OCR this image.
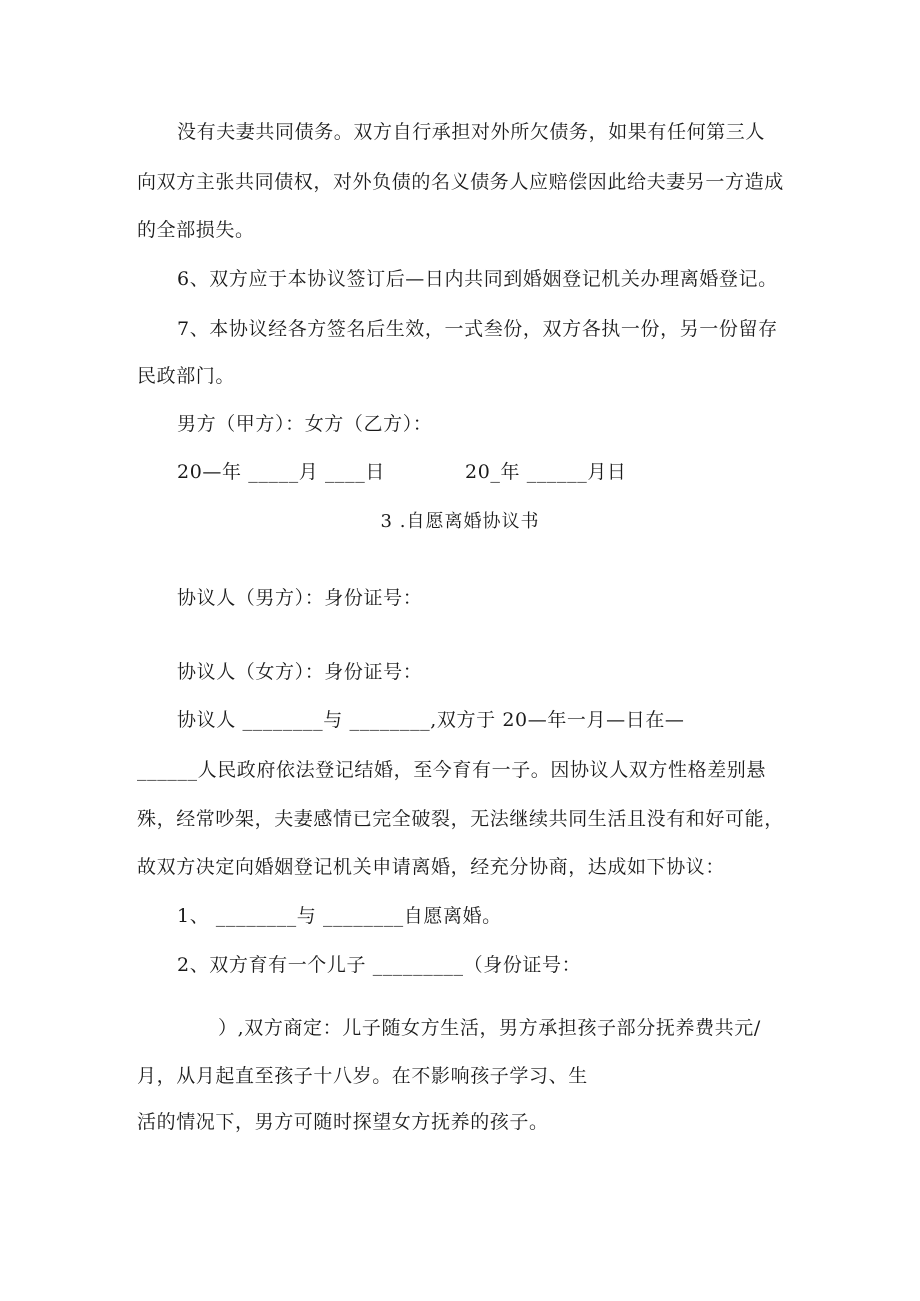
没有夫妻共同债务。双方自行承担对外所欠债务，如果有任何第三人
向双方主张共同债权，对外负债的名义债务人应赔偿因此给夫妻另一方造成
的全部损失。
6、双方应于本协议签订后—日内共同到婚姻登记机关办理离婚登记。
7、本协议经各方签名后生效，一式叁份，双方各执一份，另一份留存
民政部门。
男方（甲方）：女方（乙方）：
20—年 _____月 ____日	20_年 ______月日
3 .自愿离婚协议书
协议人（男方）：身份证号：
协议人（女方）：身份证号：
协议人 ________与 ________,双方于 20—年一月—日在—
______人民政府依法登记结婚，至今育有一子。因协议人双方性格差别悬
殊，经常吵架，夫妻感情已完全破裂，无法继续共同生活且没有和好可能，
故双方决定向婚姻登记机关申请离婚，经充分协商，达成如下协议：
1、 ________与 ________自愿离婚。
2、双方育有一个儿子 _________（身份证号：
）,双方商定：儿子随女方生活，男方承担孩子部分抚养费共元/
月，从月起直至孩子十八岁。在不影响孩子学习、生
活的情况下，男方可随时探望女方抚养的孩子。
